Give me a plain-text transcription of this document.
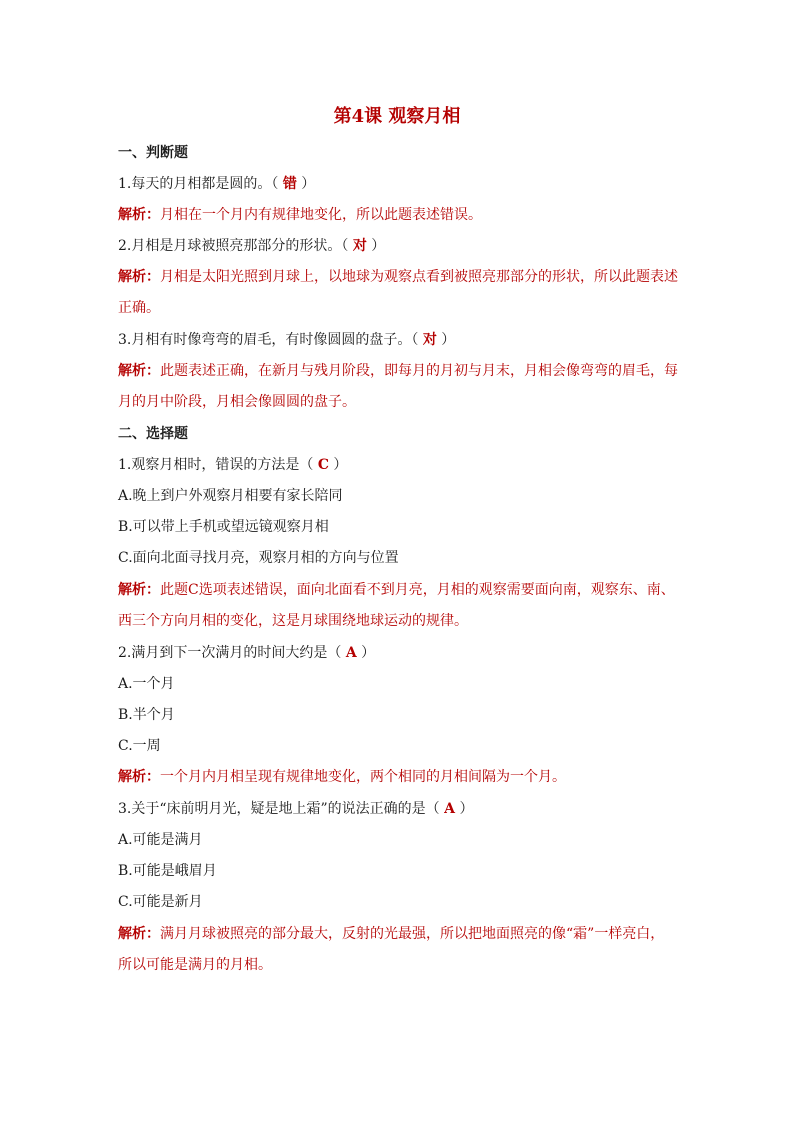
第4课 观察月相
一、判断题
1.每天的月相都是圆的。（ 错 ）
解析：月相在一个月内有规律地变化，所以此题表述错误。
2.月相是月球被照亮那部分的形状。（ 对 ）
解析：月相是太阳光照到月球上，以地球为观察点看到被照亮那部分的形状，所以此题表述
正确。
3.月相有时像弯弯的眉毛，有时像圆圆的盘子。（ 对 ）
解析：此题表述正确，在新月与残月阶段，即每月的月初与月末，月相会像弯弯的眉毛，每
月的月中阶段，月相会像圆圆的盘子。
二、选择题
1.观察月相时，错误的方法是（ C ）
A.晚上到户外观察月相要有家长陪同
B.可以带上手机或望远镜观察月相
C.面向北面寻找月亮，观察月相的方向与位置
解析：此题C选项表述错误，面向北面看不到月亮，月相的观察需要面向南，观察东、南、
西三个方向月相的变化，这是月球围绕地球运动的规律。
2.满月到下一次满月的时间大约是（ A ）
A.一个月
B.半个月
C.一周
解析：一个月内月相呈现有规律地变化，两个相同的月相间隔为一个月。
3.关于“床前明月光，疑是地上霜”的说法正确的是（ A ）
A.可能是满月
B.可能是峨眉月
C.可能是新月
解析：满月月球被照亮的部分最大，反射的光最强，所以把地面照亮的像“霜”一样亮白，
所以可能是满月的月相。
